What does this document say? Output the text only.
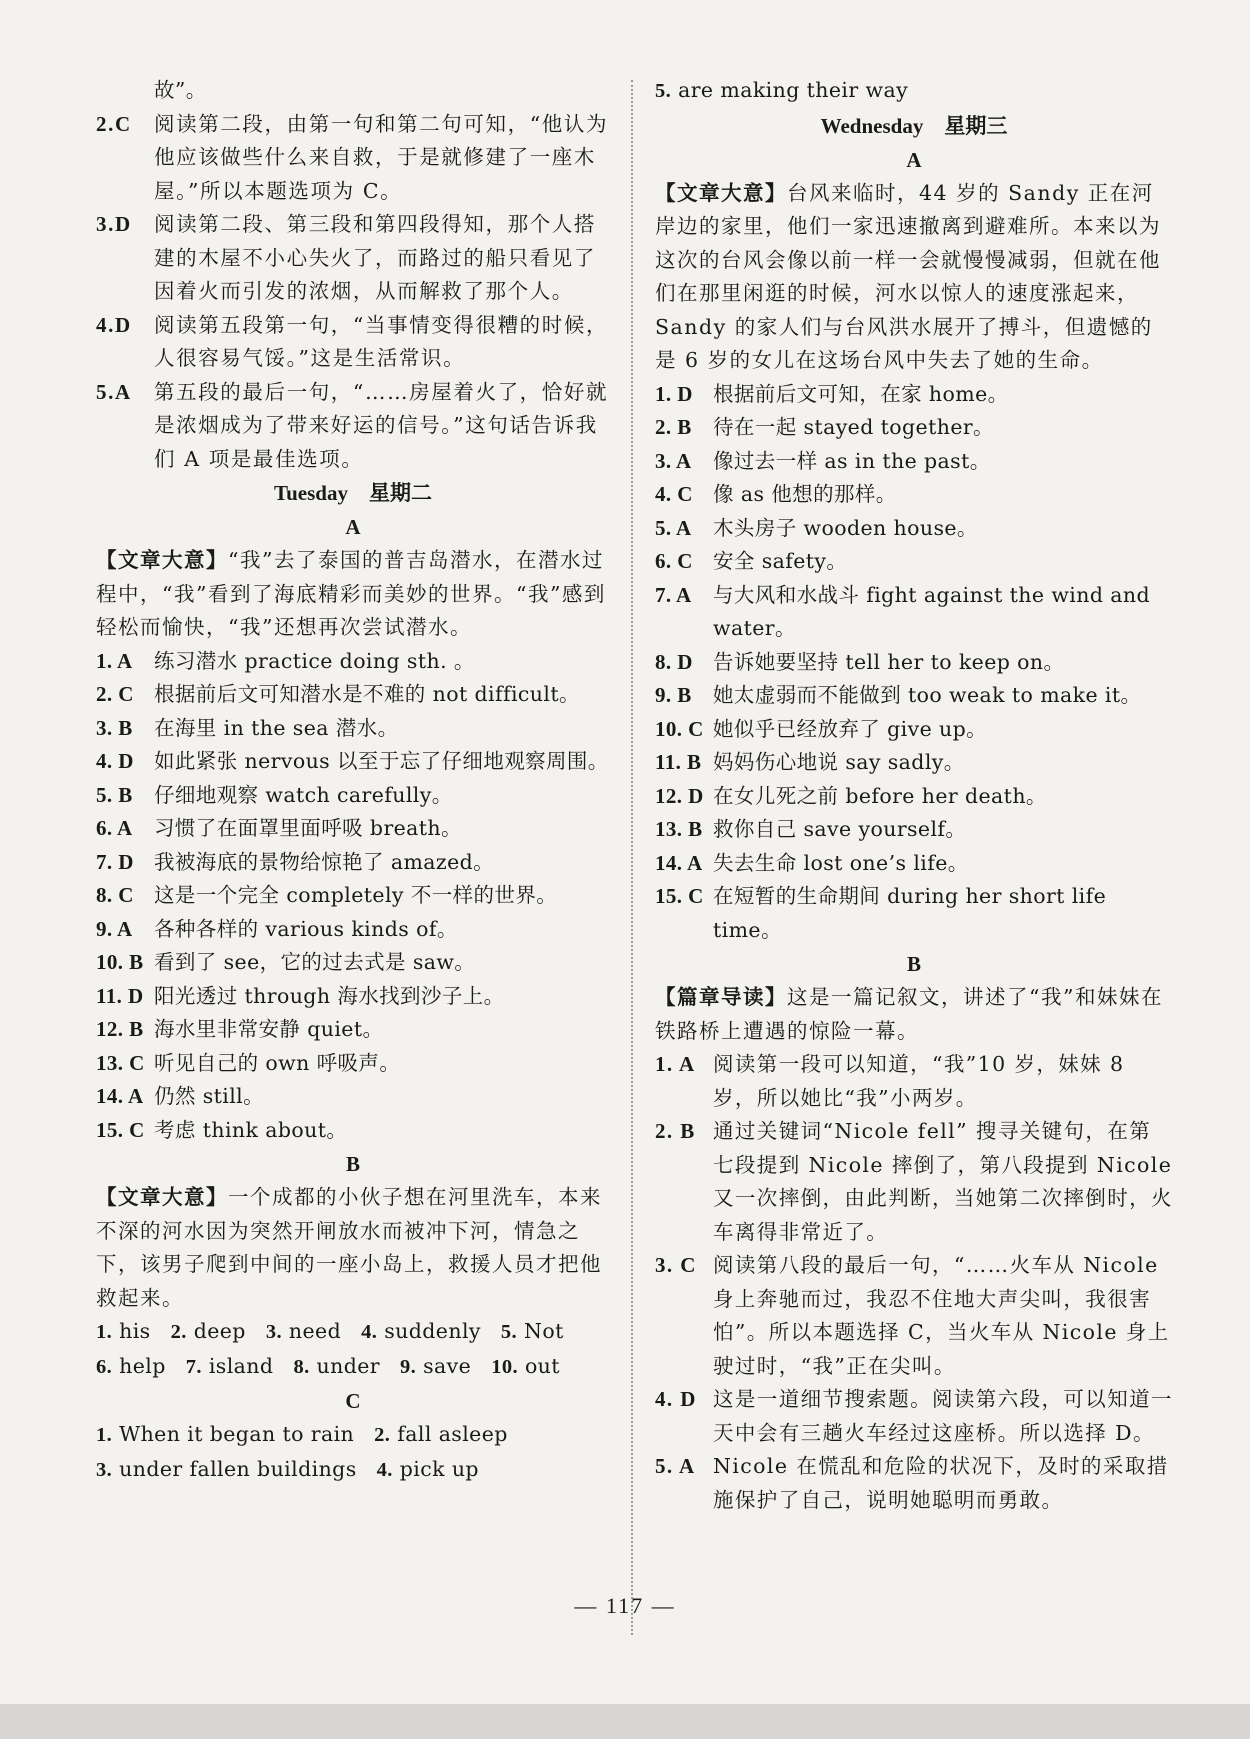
故”。
2.C	阅读第二段，由第一句和第二句可知，“他认为他应该做些什么来自救，于是就修建了一座木屋。”所以本题选项为 C。
3.D	阅读第二段、第三段和第四段得知，那个人搭建的木屋不小心失火了，而路过的船只看见了因着火而引发的浓烟，从而解救了那个人。
4.D	阅读第五段第一句，“当事情变得很糟的时候，人很容易气馁。”这是生活常识。
5.A	第五段的最后一句，“……房屋着火了，恰好就是浓烟成为了带来好运的信号。”这句话告诉我们 A 项是最佳选项。
Tuesday　星期二
A
【文章大意】“我”去了泰国的普吉岛潜水，在潜水过程中，“我”看到了海底精彩而美妙的世界。“我”感到轻松而愉快，“我”还想再次尝试潜水。
1. A	练习潜水 practice doing sth. 。
2. C 根据前后文可知潜水是不难的 not difficult。
3. B	在海里 in the sea 潜水。
4. D 如此紧张 nervous 以至于忘了仔细地观察周围。
5. B	仔细地观察 watch carefully。
6. A	习惯了在面罩里面呼吸 breath。
7. D 我被海底的景物给惊艳了 amazed。
8. C 这是一个完全 completely 不一样的世界。
9. A	各种各样的 various kinds of。
10. B 看到了 see，它的过去式是 saw。
11. D 阳光透过 through 海水找到沙子上。
12. B 海水里非常安静 quiet。
13. C 听见自己的 own 呼吸声。
14. A 仍然 still。
15. C 考虑 think about。
B
【文章大意】一个成都的小伙子想在河里洗车，本来不深的河水因为突然开闸放水而被冲下河，情急之下，该男子爬到中间的一座小岛上，救援人员才把他救起来。
1. his 2. deep 3. need 4. suddenly 5. Not
6. help 7. island 8. under 9. save 10. out
C
1. When it began to rain 2. fall asleep
3. under fallen buildings 4. pick up
5. are making their way
Wednesday　星期三
A
【文章大意】台风来临时，44 岁的 Sandy 正在河岸边的家里，他们一家迅速撤离到避难所。本来以为这次的台风会像以前一样一会就慢慢减弱，但就在他们在那里闲逛的时候，河水以惊人的速度涨起来，Sandy 的家人们与台风洪水展开了搏斗，但遗憾的是 6 岁的女儿在这场台风中失去了她的生命。
1. D 根据前后文可知，在家 home。
2. B	待在一起 stayed together。
3. A	像过去一样 as in the past。
4. C 像 as 他想的那样。
5. A	木头房子 wooden house。
6. C 安全 safety。
7. A	与大风和水战斗 fight against the wind and water。
8. D 告诉她要坚持 tell her to keep on。
9. B	她太虚弱而不能做到 too weak to make it。
10. C 她似乎已经放弃了 give up。
11. B 妈妈伤心地说 say sadly。
12. D 在女儿死之前 before her death。
13. B 救你自己 save yourself。
14. A 失去生命 lost one’s life。
15. C 在短暂的生命期间 during her short life time。
B
【篇章导读】这是一篇记叙文，讲述了“我”和妹妹在铁路桥上遭遇的惊险一幕。
1. A 阅读第一段可以知道，“我”10 岁，妹妹 8 岁，所以她比“我”小两岁。
2. B 通过关键词“Nicole fell” 搜寻关键句，在第七段提到 Nicole 摔倒了，第八段提到 Nicole 又一次摔倒，由此判断，当她第二次摔倒时，火车离得非常近了。
3. C 阅读第八段的最后一句，“……火车从 Nicole 身上奔驰而过，我忍不住地大声尖叫，我很害怕”。所以本题选择 C，当火车从 Nicole 身上驶过时，“我”正在尖叫。
4. D 这是一道细节搜索题。阅读第六段，可以知道一天中会有三趟火车经过这座桥。所以选择 D。
5. A Nicole 在慌乱和危险的状况下，及时的采取措施保护了自己，说明她聪明而勇敢。
— 117 —
